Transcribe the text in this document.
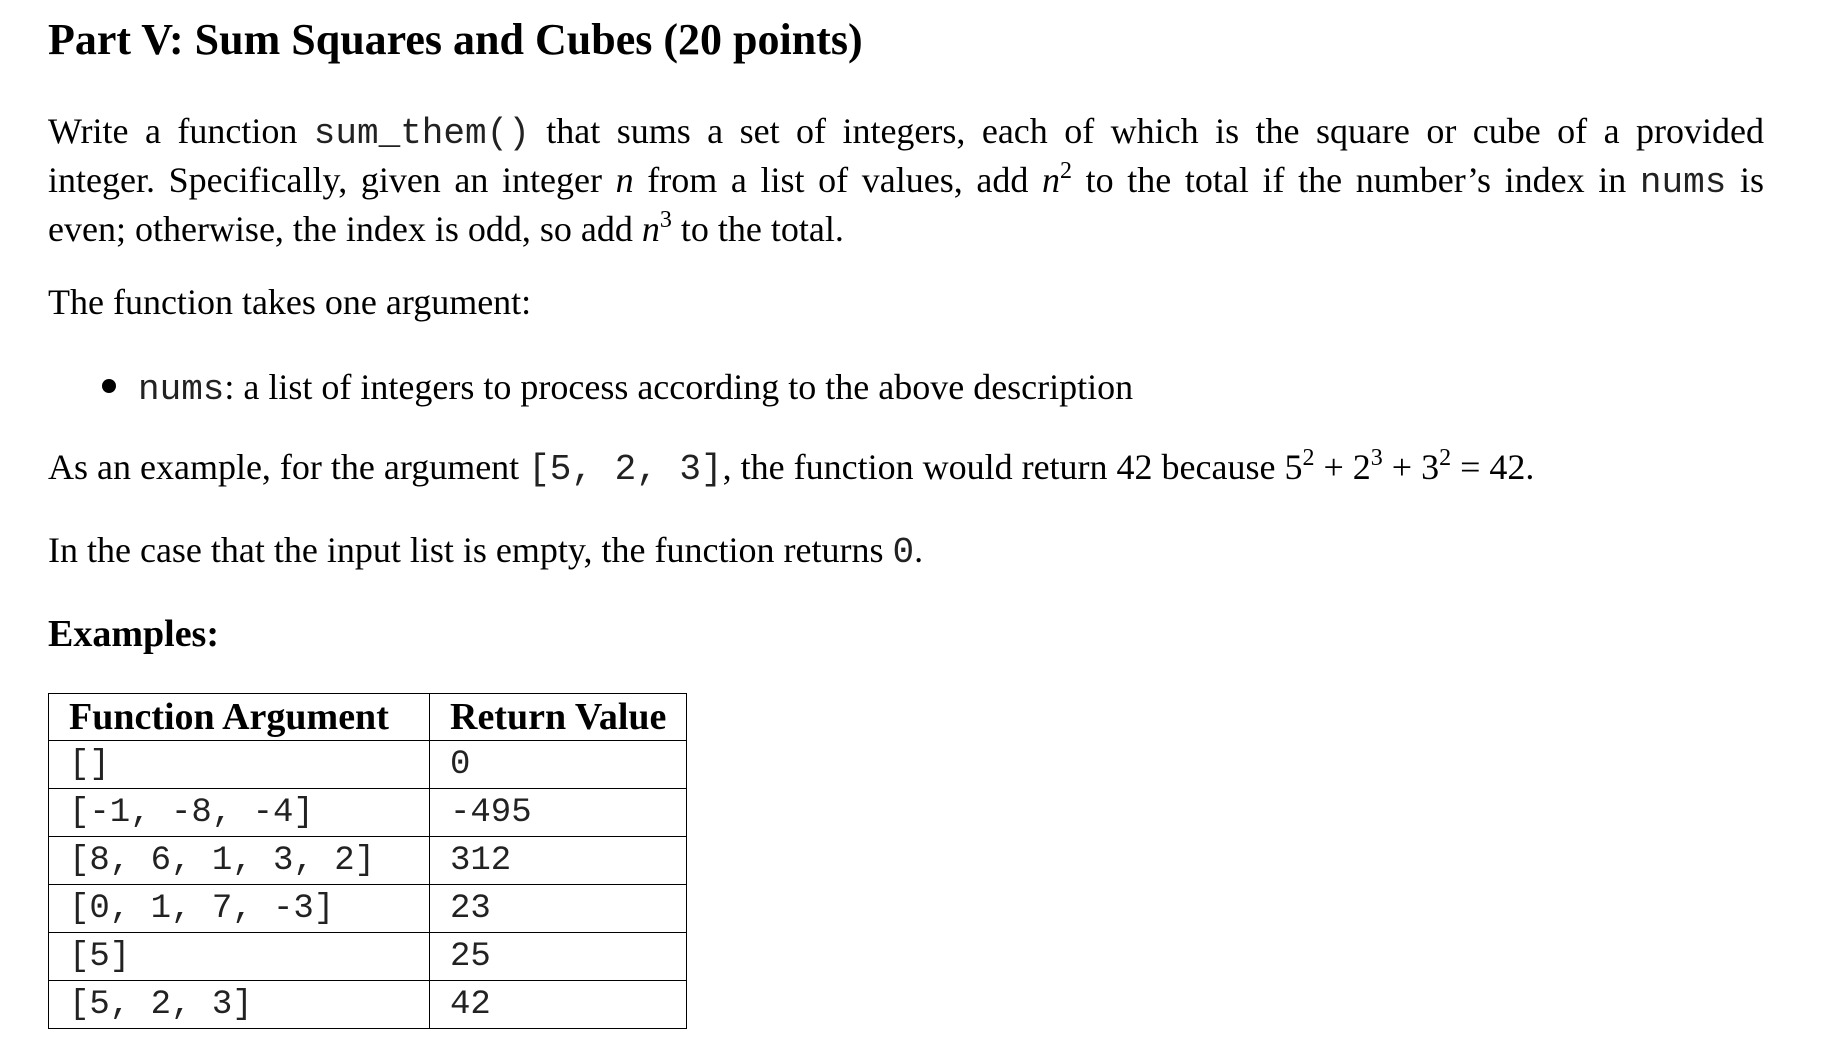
Part V: Sum Squares and Cubes (20 points)
Write a function sum_them() that sums a set of integers, each of which is the square or cube of a provided
integer. Specifically, given an integer n from a list of values, add $n^2$ to the total if the number’s index in nums is
even; otherwise, the index is odd, so add $n^3$ to the total.

The function takes one argument:

nums: a list of integers to process according to the above description

As an example, for the argument [5, 2, 3], the function would return 42 because $5^2 + 2^3 + 3^2 = 42$.

In the case that the input list is empty, the function returns 0.

Examples:

Function Argument	Return Value
[]	0
[-1, -8, -4]	-495
[8, 6, 1, 3, 2]	312
[0, 1, 7, -3]	23
[5]	25
[5, 2, 3]	42
